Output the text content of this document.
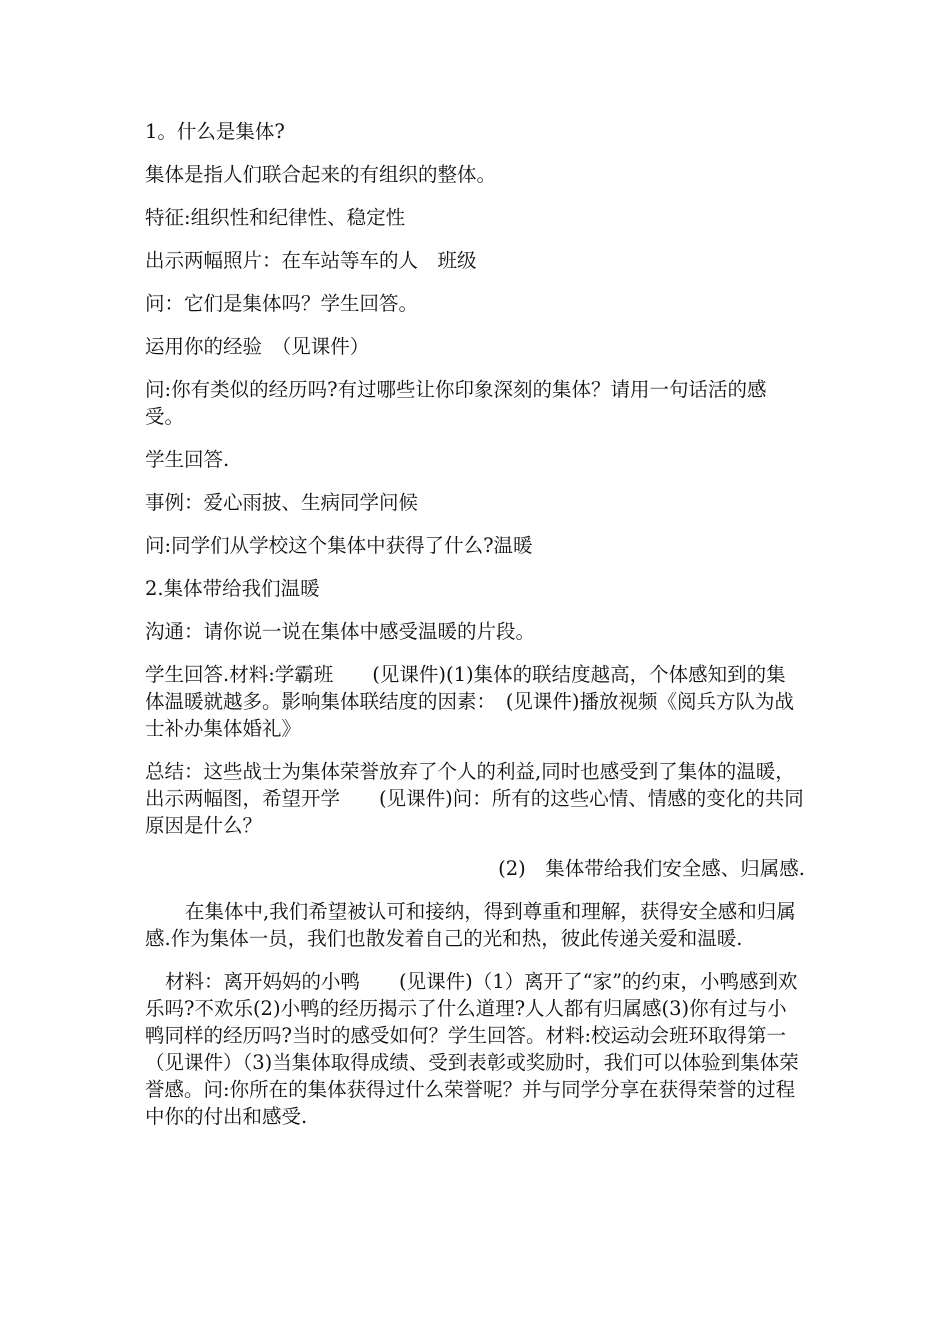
1。什么是集体?

集体是指人们联合起来的有组织的整体。

特征:组织性和纪律性、稳定性

出示两幅照片：在车站等车的人　班级

问：它们是集体吗？学生回答。

运用你的经验　（见课件）

问:你有类似的经历吗?有过哪些让你印象深刻的集体？请用一句话活的感受。

学生回答.

事例：爱心雨披、生病同学问候

问:同学们从学校这个集体中获得了什么?温暖

2.集体带给我们温暖

沟通：请你说一说在集体中感受温暖的片段。

学生回答.材料:学霸班　　(见课件)(1)集体的联结度越高，个体感知到的集体温暖就越多。影响集体联结度的因素：　(见课件)播放视频《阅兵方队为战士补办集体婚礼》

总结：这些战士为集体荣誉放弃了个人的利益,同时也感受到了集体的温暖，出示两幅图，希望开学　　(见课件)问：所有的这些心情、情感的变化的共同原因是什么？

(2)　集体带给我们安全感、归属感.

在集体中,我们希望被认可和接纳，得到尊重和理解，获得安全感和归属感.作为集体一员，我们也散发着自己的光和热，彼此传递关爱和温暖.

材料：离开妈妈的小鸭　　(见课件)（1）离开了“家”的约束，小鸭感到欢乐吗?不欢乐(2)小鸭的经历揭示了什么道理?人人都有归属感(3)你有过与小鸭同样的经历吗?当时的感受如何？学生回答。材料:校运动会班环取得第一（见课件）（3)当集体取得成绩、受到表彰或奖励时，我们可以体验到集体荣誉感。问:你所在的集体获得过什么荣誉呢？并与同学分享在获得荣誉的过程中你的付出和感受.
